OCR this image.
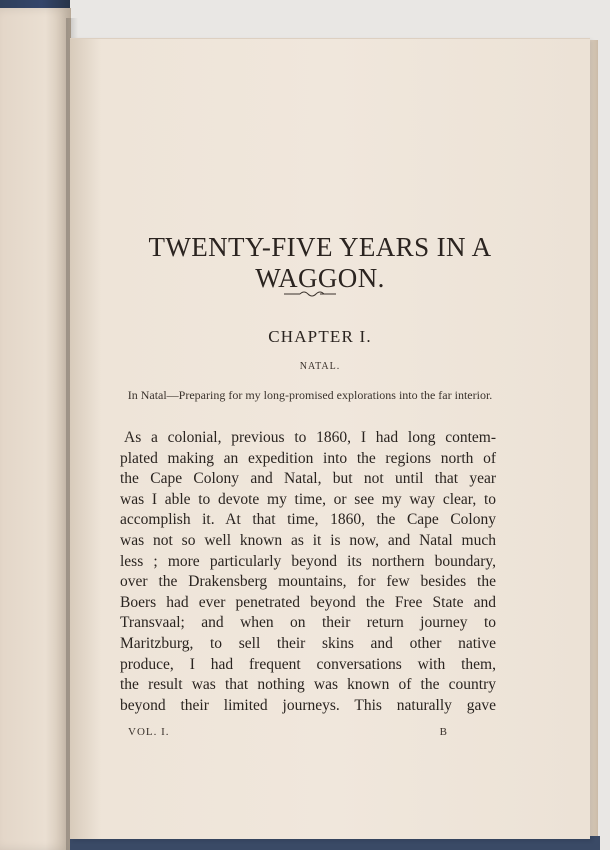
TWENTY-FIVE YEARS IN A WAGGON.
CHAPTER I.
NATAL.
In Natal—Preparing for my long-promised explorations into the far interior.
As a colonial, previous to 1860, I had long contem-
plated making an expedition into the regions north of
the Cape Colony and Natal, but not until that year
was I able to devote my time, or see my way clear, to
accomplish it. At that time, 1860, the Cape Colony
was not so well known as it is now, and Natal much
less ; more particularly beyond its northern boundary,
over the Drakensberg mountains, for few besides the
Boers had ever penetrated beyond the Free State and
Transvaal; and when on their return journey to
Maritzburg, to sell their skins and other native
produce, I had frequent conversations with them,
the result was that nothing was known of the country
beyond their limited journeys. This naturally gave
VOL. I.	B
